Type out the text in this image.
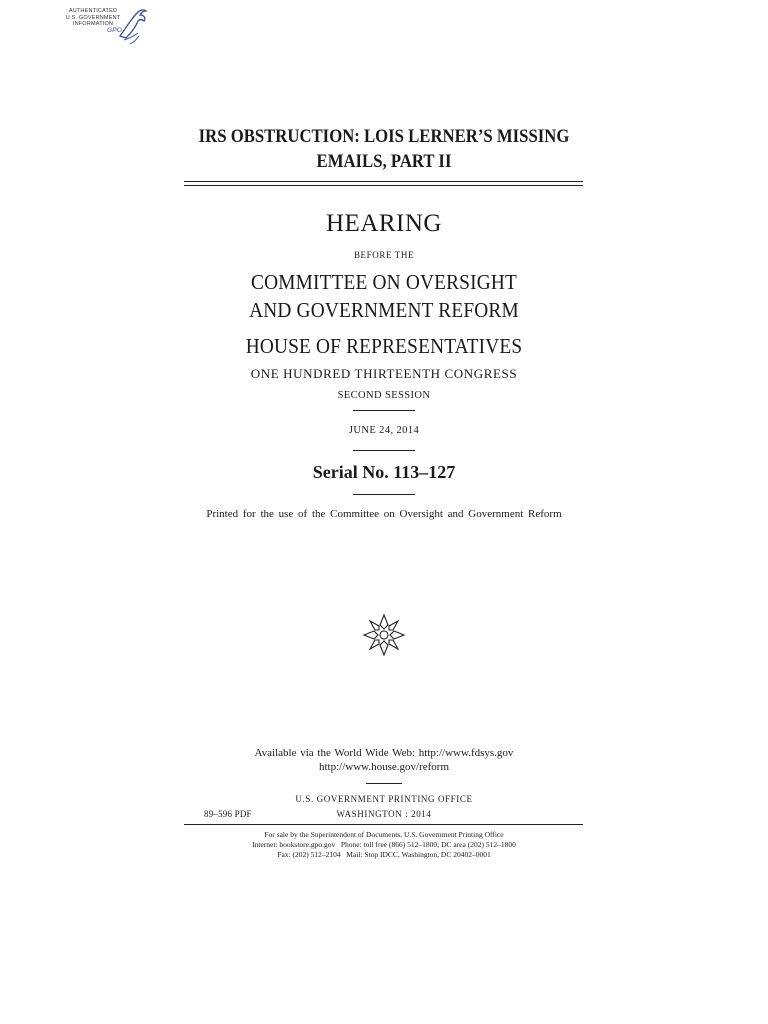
AUTHENTICATED
U.S. GOVERNMENT
INFORMATION
GPO
IRS OBSTRUCTION: LOIS LERNER’S MISSING
EMAILS, PART II
HEARING
BEFORE THE
COMMITTEE ON OVERSIGHT
AND GOVERNMENT REFORM
HOUSE OF REPRESENTATIVES
ONE HUNDRED THIRTEENTH CONGRESS
SECOND SESSION
JUNE 24, 2014
Serial No. 113–127
Printed for the use of the Committee on Oversight and Government Reform
Available via the World Wide Web: http://www.fdsys.gov
http://www.house.gov/reform
U.S. GOVERNMENT PRINTING OFFICE
89–596 PDF	WASHINGTON : 2014
For sale by the Superintendent of Documents, U.S. Government Printing Office
Internet: bookstore.gpo.gov   Phone: toll free (866) 512–1800; DC area (202) 512–1800
Fax: (202) 512–2104   Mail: Stop IDCC, Washington, DC 20402–0001
